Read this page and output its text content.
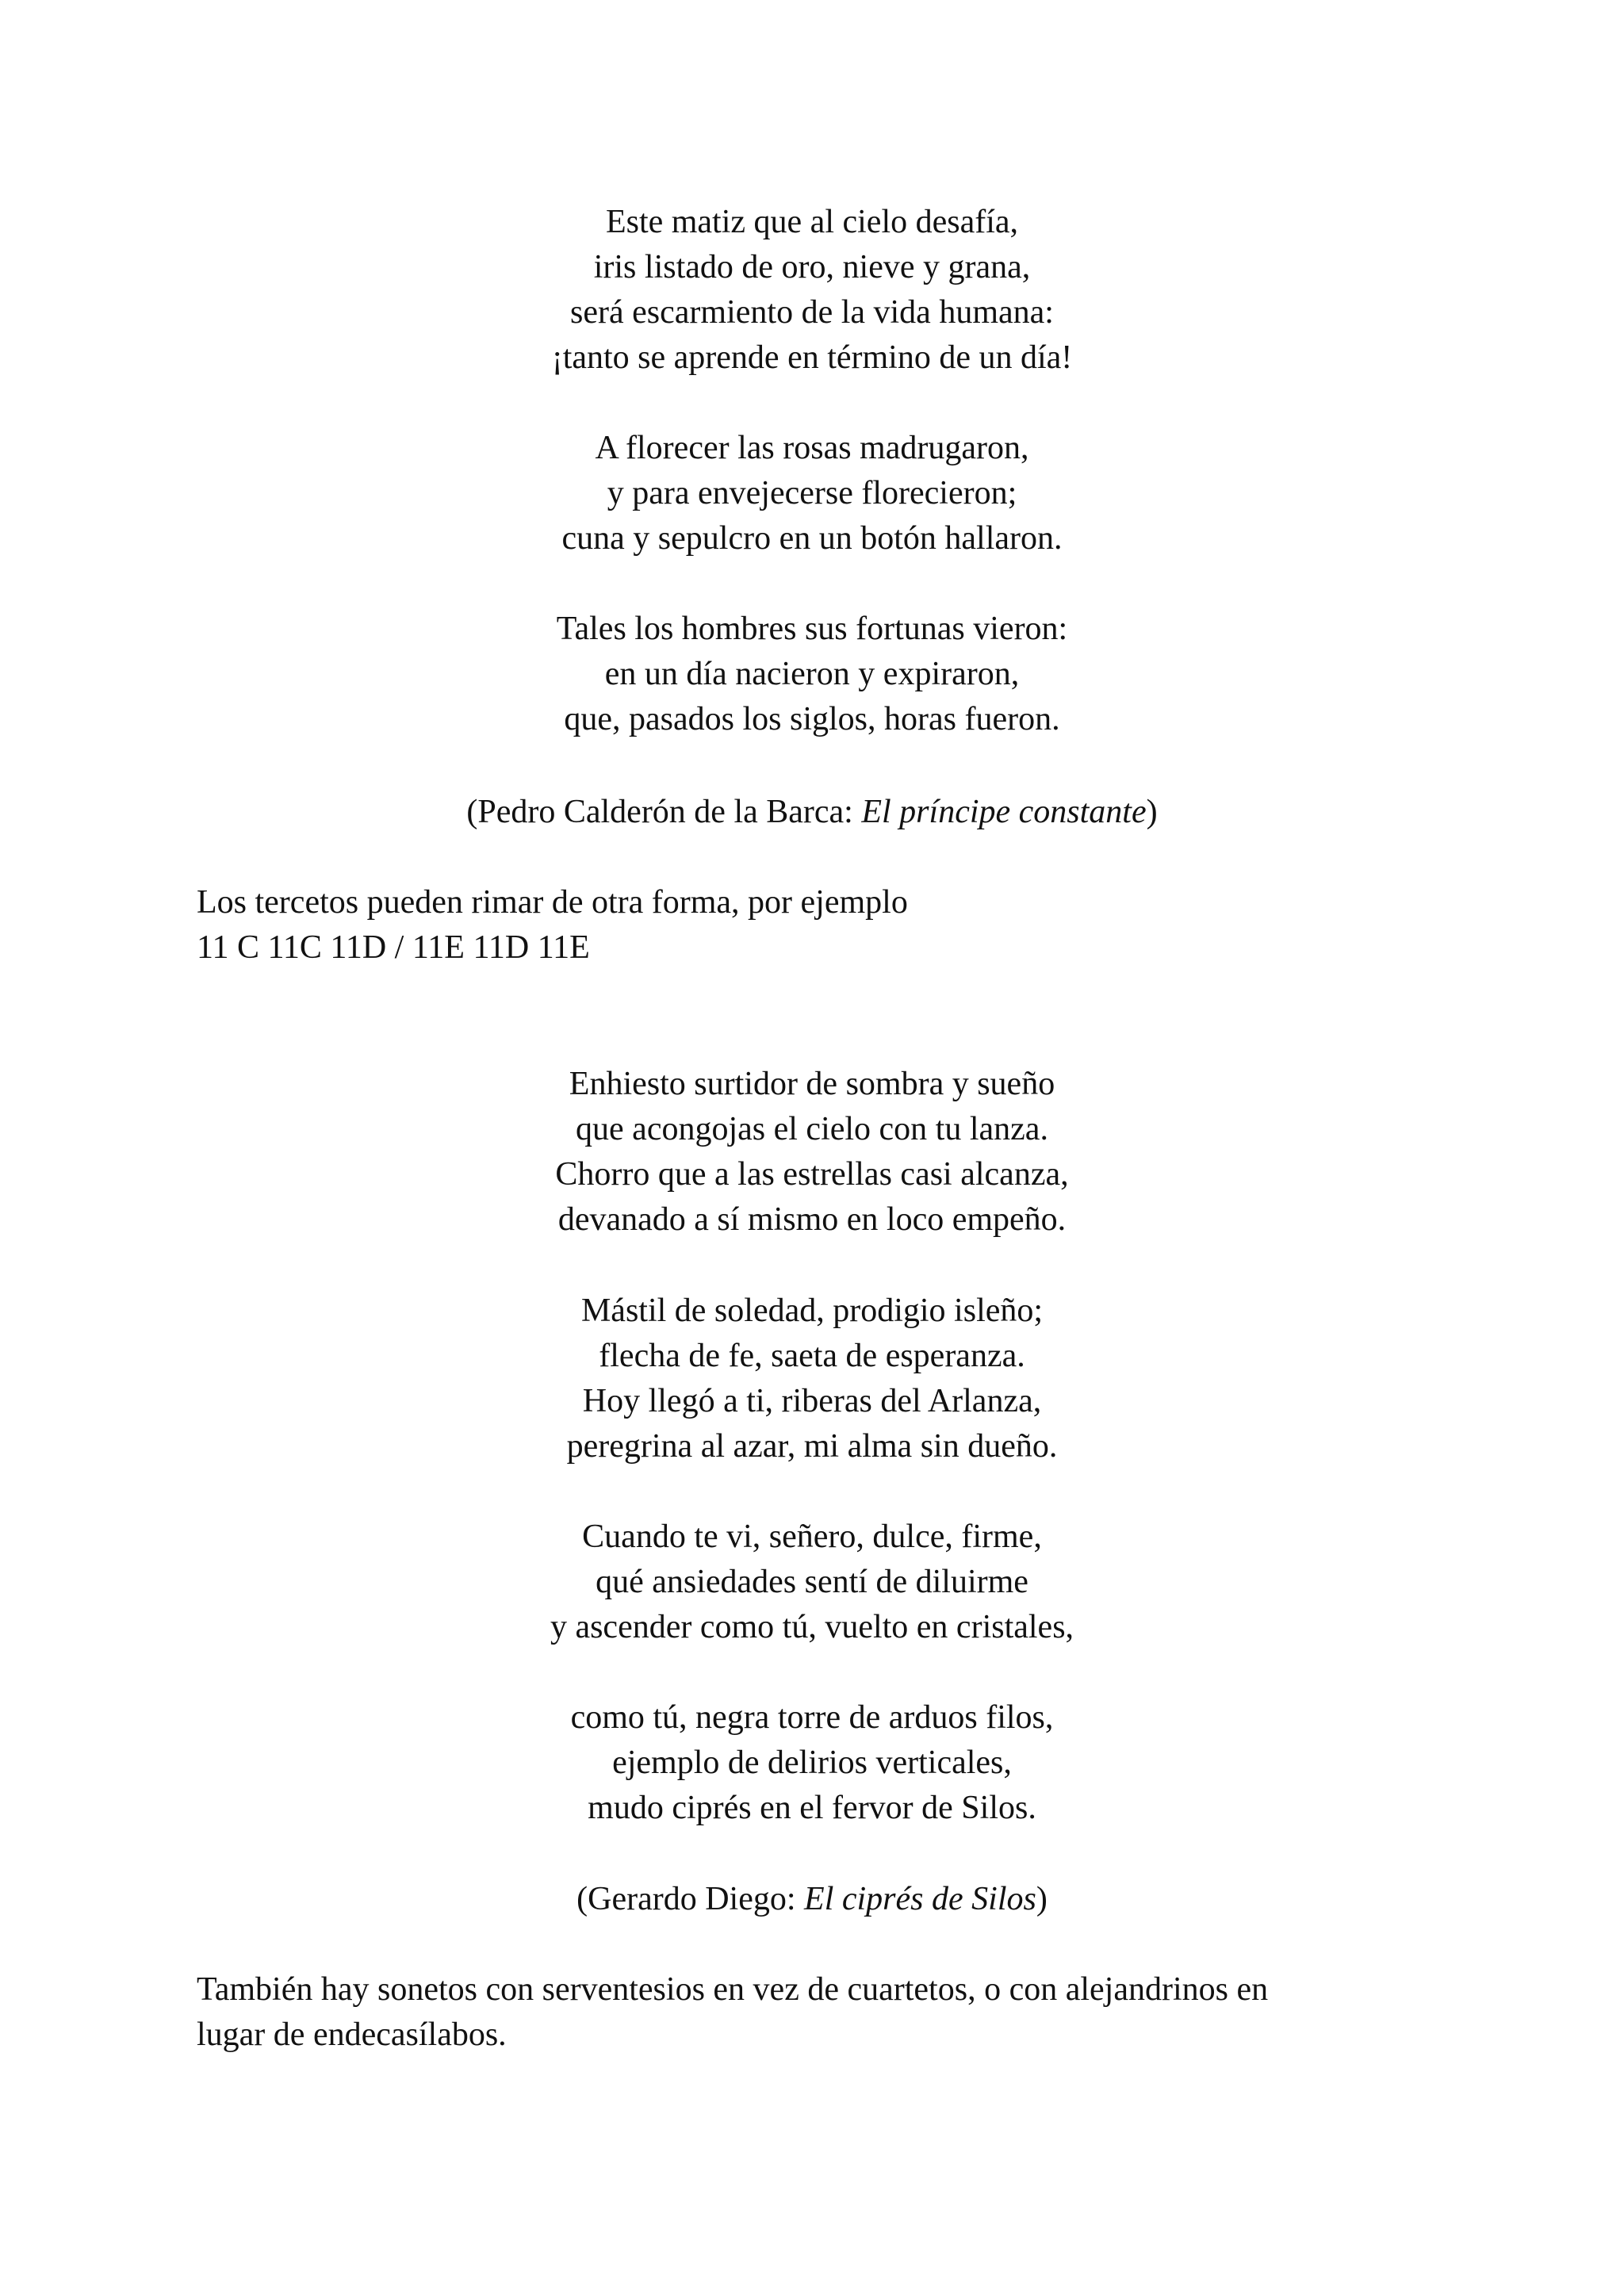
Este matiz que al cielo desafía,
iris listado de oro, nieve y grana,
será escarmiento de la vida humana:
¡tanto se aprende en término de un día!
A florecer las rosas madrugaron,
y para envejecerse florecieron;
cuna y sepulcro en un botón hallaron.
Tales los hombres sus fortunas vieron:
en un día nacieron y expiraron,
que, pasados los siglos, horas fueron.
(Pedro Calderón de la Barca: El príncipe constante)
Los tercetos pueden rimar de otra forma, por ejemplo
11 C 11C 11D / 11E 11D 11E
Enhiesto surtidor de sombra y sueño
que acongojas el cielo con tu lanza.
Chorro que a las estrellas casi alcanza,
devanado a sí mismo en loco empeño.
Mástil de soledad, prodigio isleño;
flecha de fe, saeta de esperanza.
Hoy llegó a ti, riberas del Arlanza,
peregrina al azar, mi alma sin dueño.
Cuando te vi, señero, dulce, firme,
qué ansiedades sentí de diluirme
y ascender como tú, vuelto en cristales,
como tú, negra torre de arduos filos,
ejemplo de delirios verticales,
mudo ciprés en el fervor de Silos.
(Gerardo Diego: El ciprés de Silos)
También hay sonetos con serventesios en vez de cuartetos, o con alejandrinos en
lugar de endecasílabos.
